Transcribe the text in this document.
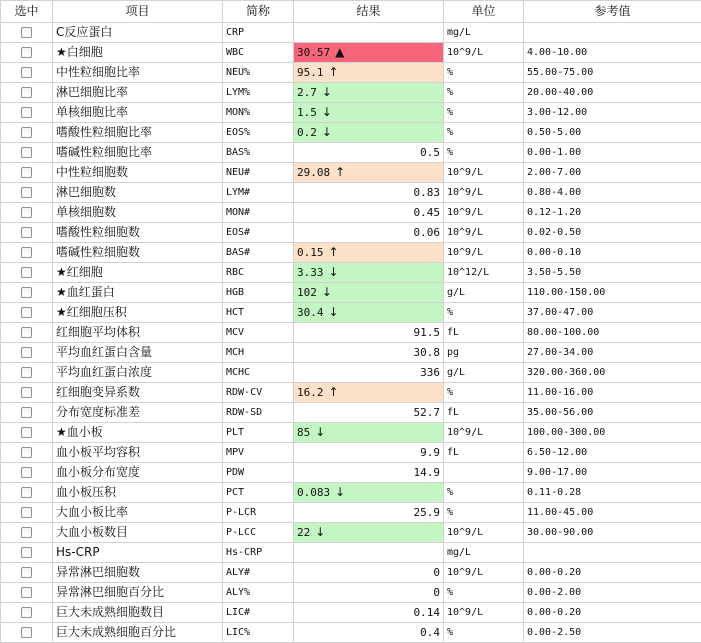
选中	项目	简称	结果	单位	参考值
	C反应蛋白	CRP		mg/L	
	★白细胞	WBC	30.57 ▲	10^9/L	4.00-10.00
	中性粒细胞比率	NEU%	95.1 ↑	%	55.00-75.00
	淋巴细胞比率	LYM%	2.7 ↓	%	20.00-40.00
	单核细胞比率	MON%	1.5 ↓	%	3.00-12.00
	嗜酸性粒细胞比率	EOS%	0.2 ↓	%	0.50-5.00
	嗜碱性粒细胞比率	BAS%	0.5	%	0.00-1.00
	中性粒细胞数	NEU#	29.08 ↑	10^9/L	2.00-7.00
	淋巴细胞数	LYM#	0.83	10^9/L	0.80-4.00
	单核细胞数	MON#	0.45	10^9/L	0.12-1.20
	嗜酸性粒细胞数	EOS#	0.06	10^9/L	0.02-0.50
	嗜碱性粒细胞数	BAS#	0.15 ↑	10^9/L	0.00-0.10
	★红细胞	RBC	3.33 ↓	10^12/L	3.50-5.50
	★血红蛋白	HGB	102 ↓	g/L	110.00-150.00
	★红细胞压积	HCT	30.4 ↓	%	37.00-47.00
	红细胞平均体积	MCV	91.5	fL	80.00-100.00
	平均血红蛋白含量	MCH	30.8	pg	27.00-34.00
	平均血红蛋白浓度	MCHC	336	g/L	320.00-360.00
	红细胞变异系数	RDW-CV	16.2 ↑	%	11.00-16.00
	分布宽度标准差	RDW-SD	52.7	fL	35.00-56.00
	★血小板	PLT	85 ↓	10^9/L	100.00-300.00
	血小板平均容积	MPV	9.9	fL	6.50-12.00
	血小板分布宽度	PDW	14.9		9.00-17.00
	血小板压积	PCT	0.083 ↓	%	0.11-0.28
	大血小板比率	P-LCR	25.9	%	11.00-45.00
	大血小板数目	P-LCC	22 ↓	10^9/L	30.00-90.00
	Hs-CRP	Hs-CRP		mg/L	
	异常淋巴细胞数	ALY#	0	10^9/L	0.00-0.20
	异常淋巴细胞百分比	ALY%	0	%	0.00-2.00
	巨大未成熟细胞数目	LIC#	0.14	10^9/L	0.00-0.20
	巨大未成熟细胞百分比	LIC%	0.4	%	0.00-2.50
